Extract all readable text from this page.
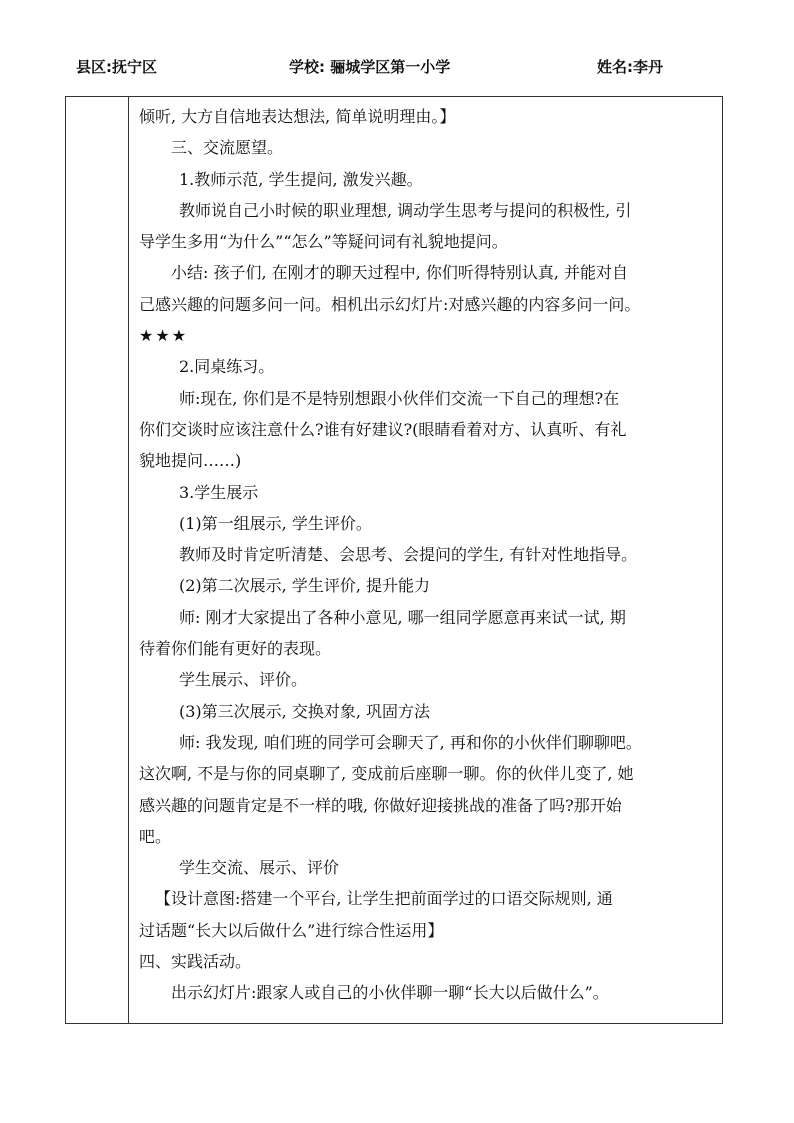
县区:抚宁区	学校: 骊城学区第一小学	姓名:李丹
倾听, 大方自信地表达想法, 简单说明理由。】
三、交流愿望。
1.教师示范, 学生提问, 激发兴趣。
教师说自己小时候的职业理想, 调动学生思考与提问的积极性, 引
导学生多用“为什么”“怎么”等疑问词有礼貌地提问。
小结: 孩子们, 在刚才的聊天过程中, 你们听得特别认真, 并能对自
己感兴趣的问题多问一问。相机出示幻灯片:对感兴趣的内容多问一问。
★★★
2.同桌练习。
师:现在, 你们是不是特别想跟小伙伴们交流一下自己的理想?在
你们交谈时应该注意什么?谁有好建议?(眼睛看着对方、认真听、有礼
貌地提问……)
3.学生展示
(1)第一组展示, 学生评价。
教师及时肯定听清楚、会思考、会提问的学生, 有针对性地指导。
(2)第二次展示, 学生评价, 提升能力
师: 刚才大家提出了各种小意见, 哪一组同学愿意再来试一试, 期
待着你们能有更好的表现。
学生展示、评价。
(3)第三次展示, 交换对象, 巩固方法
师: 我发现, 咱们班的同学可会聊天了, 再和你的小伙伴们聊聊吧。
这次啊, 不是与你的同桌聊了, 变成前后座聊一聊。你的伙伴儿变了, 她
感兴趣的问题肯定是不一样的哦, 你做好迎接挑战的准备了吗?那开始
吧。
学生交流、展示、评价
【设计意图:搭建一个平台, 让学生把前面学过的口语交际规则, 通
过话题“长大以后做什么”进行综合性运用】
四、实践活动。
出示幻灯片:跟家人或自己的小伙伴聊一聊“长大以后做什么”。
